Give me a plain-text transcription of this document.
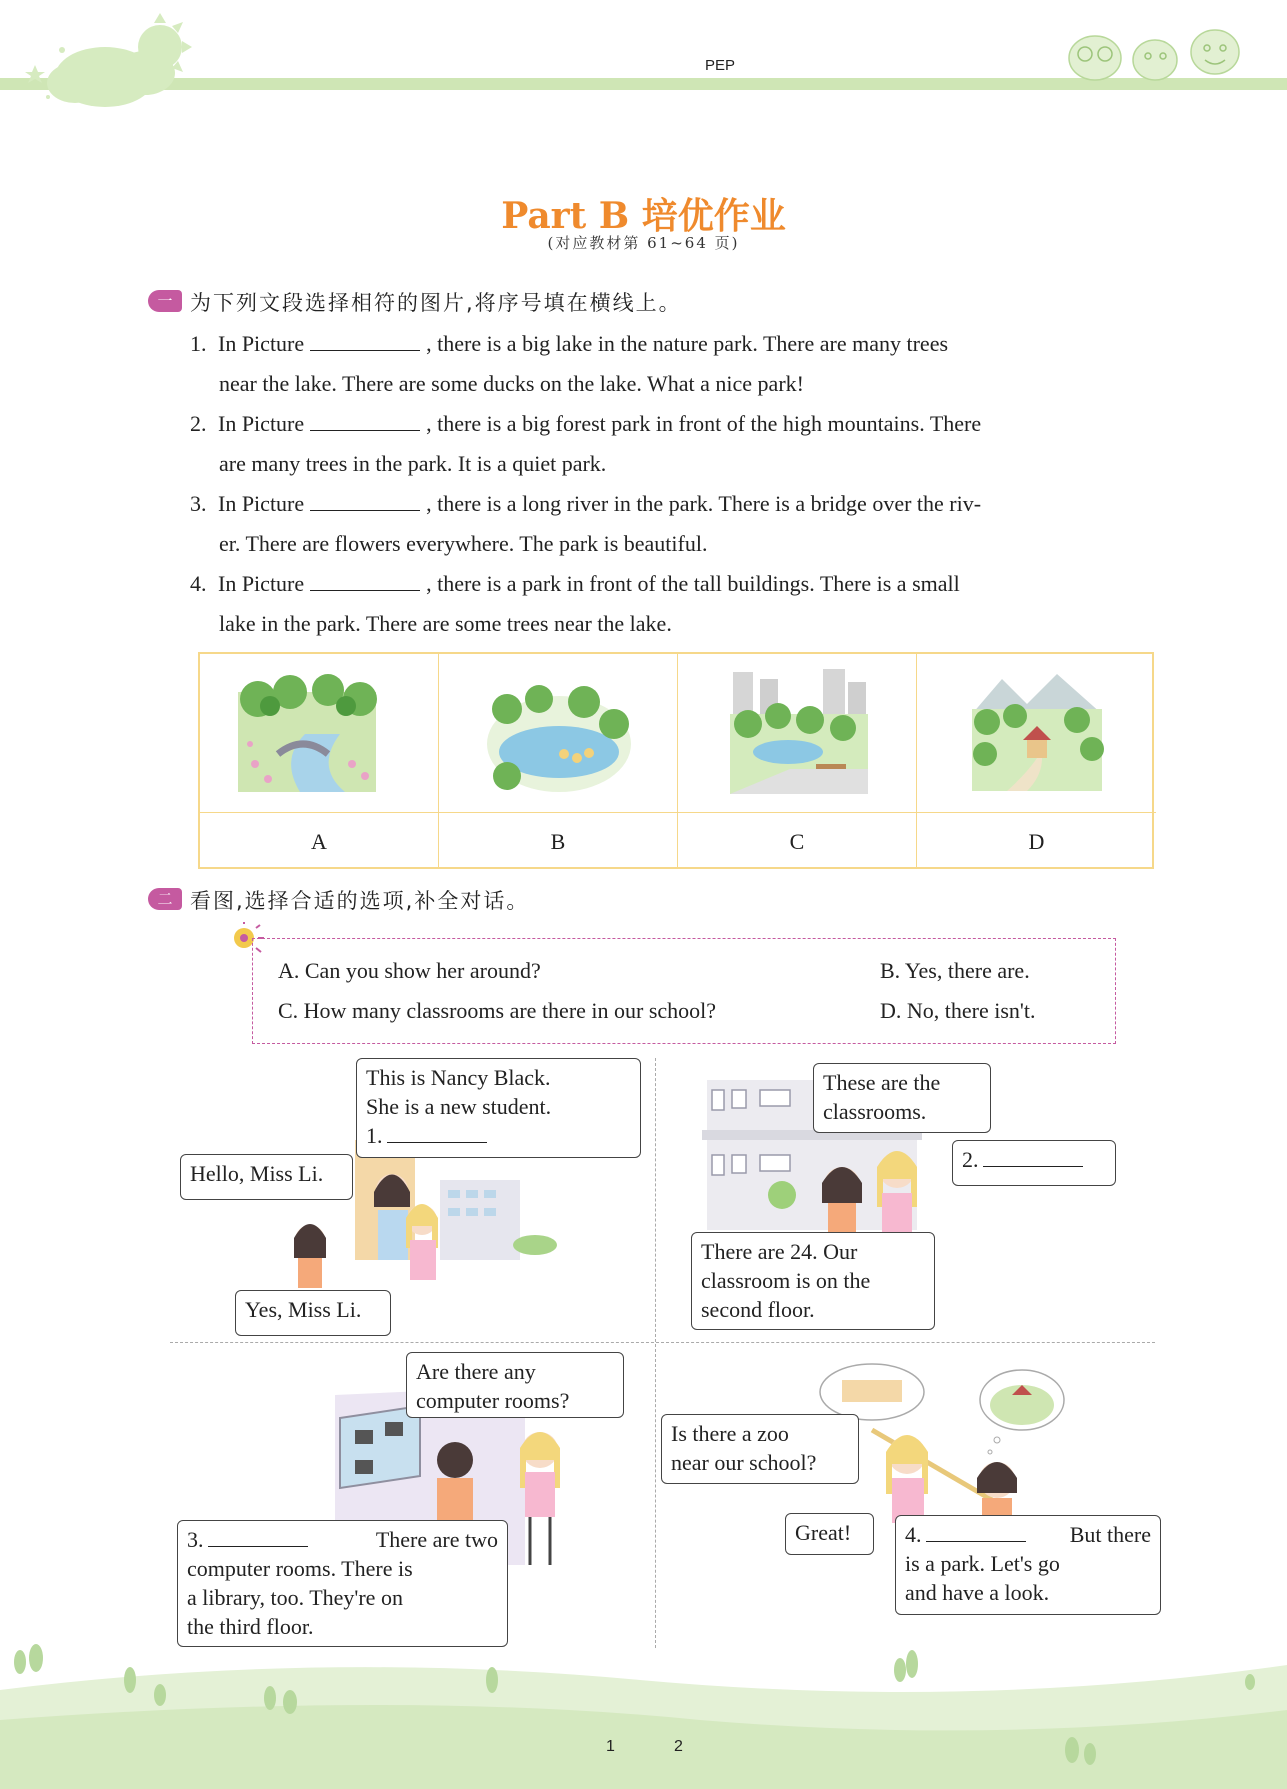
PEP
Part B 培优作业
(对应教材第 61~64 页)
一 为下列文段选择相符的图片,将序号填在横线上。
1. In Picture	, there is a big lake in the nature park. There are many trees
near the lake. There are some ducks on the lake. What a nice park!
2. In Picture	, there is a big forest park in front of the high mountains. There
are many trees in the park. It is a quiet park.
3. In Picture	, there is a long river in the park. There is a bridge over the riv-
er. There are flowers everywhere. The park is beautiful.
4. In Picture	, there is a park in front of the tall buildings. There is a small
lake in the park. There are some trees near the lake.
A	B	C	D
二 看图,选择合适的选项,补全对话。
A. Can you show her around?	B. Yes, there are.
C. How many classrooms are there in our school?	D. No, there isn't.
This is Nancy Black.
She is a new student.
1.
Hello, Miss Li.
Yes, Miss Li.
These are the
classrooms.
2.
There are 24. Our
classroom is on the
second floor.
Are there any
computer rooms?
3.	There are two
computer rooms. There is
a library, too. They're on
the third floor.
Is there a zoo
near our school?
Great!	4.	But there
is a park. Let's go
and have a look.
1	2
